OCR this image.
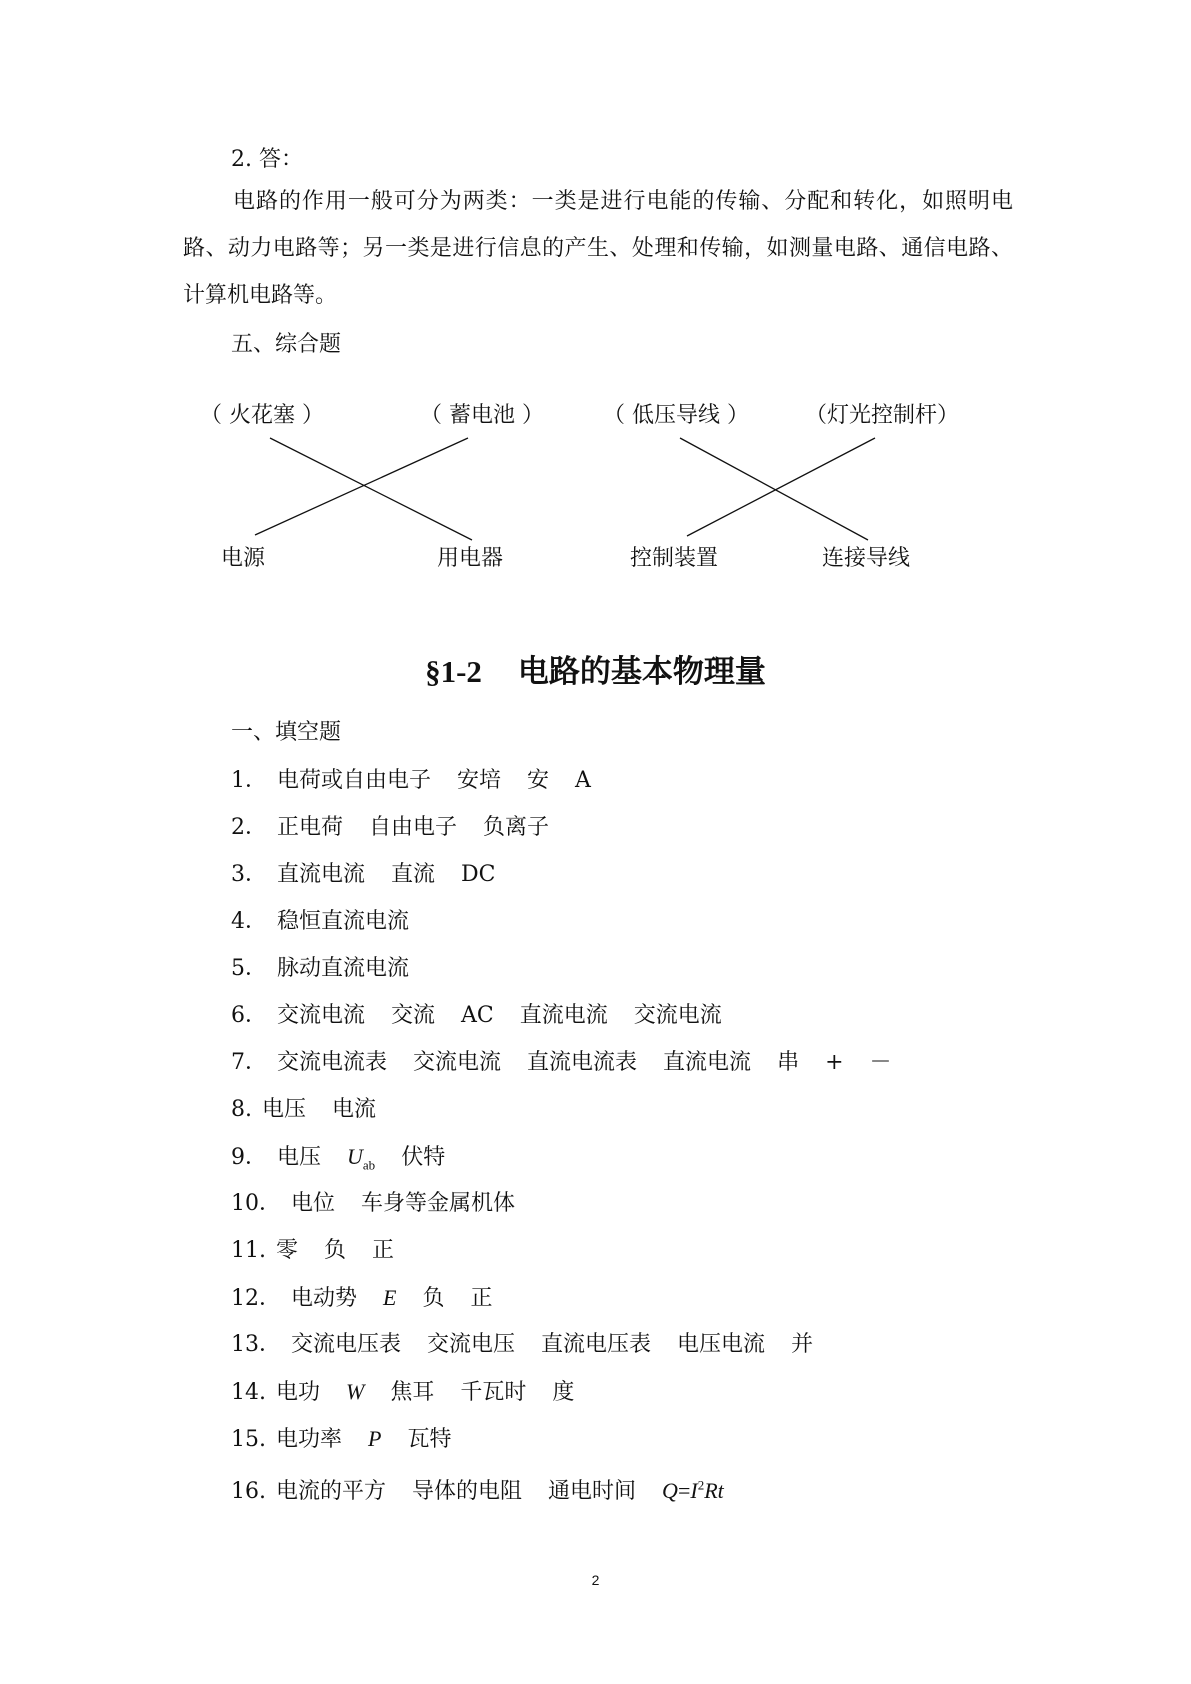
2. 答：
电路的作用一般可分为两类：一类是进行电能的传输、分配和转化，如照明电路、动力电路等；另一类是进行信息的产生、处理和传输，如测量电路、通信电路、计算机电路等。
五、综合题
（ 火花塞 ）	（ 蓄电池 ）	（ 低压导线 ）	（灯光控制杆）
电源	用电器	控制装置	连接导线
§1-2 电路的基本物理量
一、填空题
1． 电荷或自由电子 安培 安 A
2． 正电荷 自由电子 负离子
3． 直流电流 直流 DC
4． 稳恒直流电流
5． 脉动直流电流
6． 交流电流 交流 AC 直流电流 交流电流
7． 交流电流表 交流电流 直流电流表 直流电流 串 + －
8. 电压 电流
9． 电压 $U_{ab}$ 伏特
10． 电位 车身等金属机体
11. 零 负 正
12． 电动势 E 负 正
13． 交流电压表 交流电压 直流电压表 电压电流 并
14. 电功 W 焦耳 千瓦时 度
15. 电功率 P 瓦特
16. 电流的平方 导体的电阻 通电时间 $Q=I^2Rt$
2
